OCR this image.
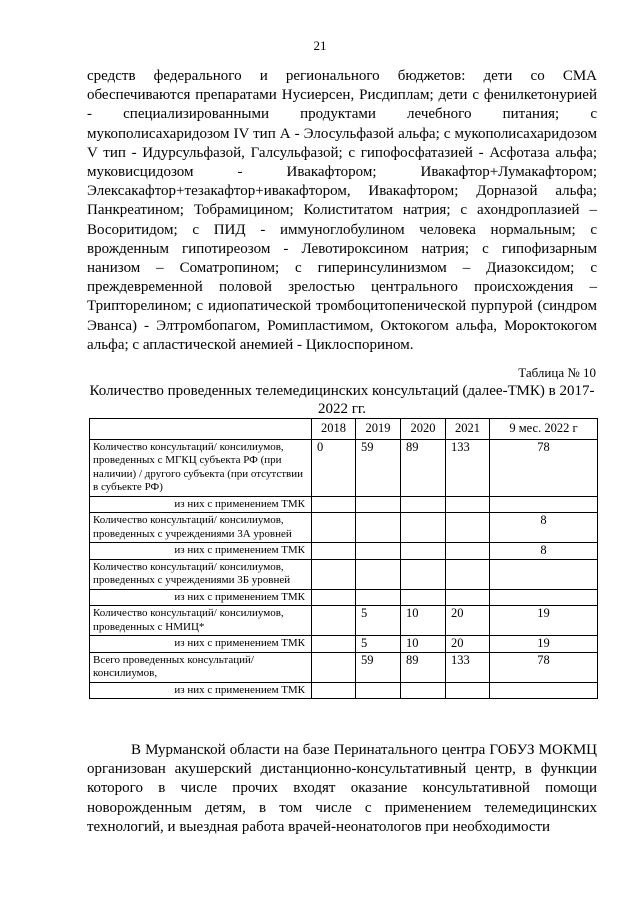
21
средств федерального и регионального бюджетов: дети со СМА обеспечиваются препаратами Нусиерсен, Рисдиплам; дети с фенилкетонурией - специализированными продуктами лечебного питания; с мукополисахаридозом IV тип А - Элосульфазой альфа; с мукополисахаридозом V тип - Идурсульфазой, Галсульфазой; с гипофосфатазией - Асфотаза альфа; муковисцидозом - Ивакафтором; Ивакафтор+Лумакафтором; Элексакафтор+тезакафтор+ивакафтором, Ивакафтором; Дорназой альфа; Панкреатином; Тобрамицином; Колиститатом натрия; с ахондроплазией – Восоритидом; с ПИД - иммуноглобулином человека нормальным; с врожденным гипотиреозом - Левотироксином натрия; с гипофизарным нанизом – Соматропином; с гиперинсулинизмом – Диазоксидом; с преждевременной половой зрелостью центрального происхождения – Трипторелином; с идиопатической тромбоцитопенической пурпурой (синдром Эванса) - Элтромбопагом, Ромипластимом, Октокогом альфа, Мороктокогом альфа; с апластической анемией - Циклоспорином.
Таблица № 10
Количество проведенных телемедицинских консультаций (далее-ТМК) в 2017-2022 гг.
	2018	2019	2020	2021	9 мес. 2022 г
Количество консультаций/ консилиумов, проведенных с МГКЦ субъекта РФ (при наличии) / другого субъекта (при отсутствии в субъекте РФ)	0	59	89	133	78
из них с применением ТМК					
Количество консультаций/ консилиумов, проведенных с учреждениями 3А уровней					8
из них с применением ТМК					8
Количество консультаций/ консилиумов, проведенных с учреждениями 3Б уровней					
из них с применением ТМК					
Количество консультаций/ консилиумов, проведенных с НМИЦ*		5	10	20	19
из них с применением ТМК		5	10	20	19
Всего проведенных консультаций/ консилиумов,		59	89	133	78
из них с применением ТМК					
В Мурманской области на базе Перинатального центра ГОБУЗ МОКМЦ организован акушерский дистанционно-консультативный центр, в функции которого в числе прочих входят оказание консультативной помощи новорожденным детям, в том числе с применением телемедицинских технологий, и выездная работа врачей-неонатологов при необходимости
